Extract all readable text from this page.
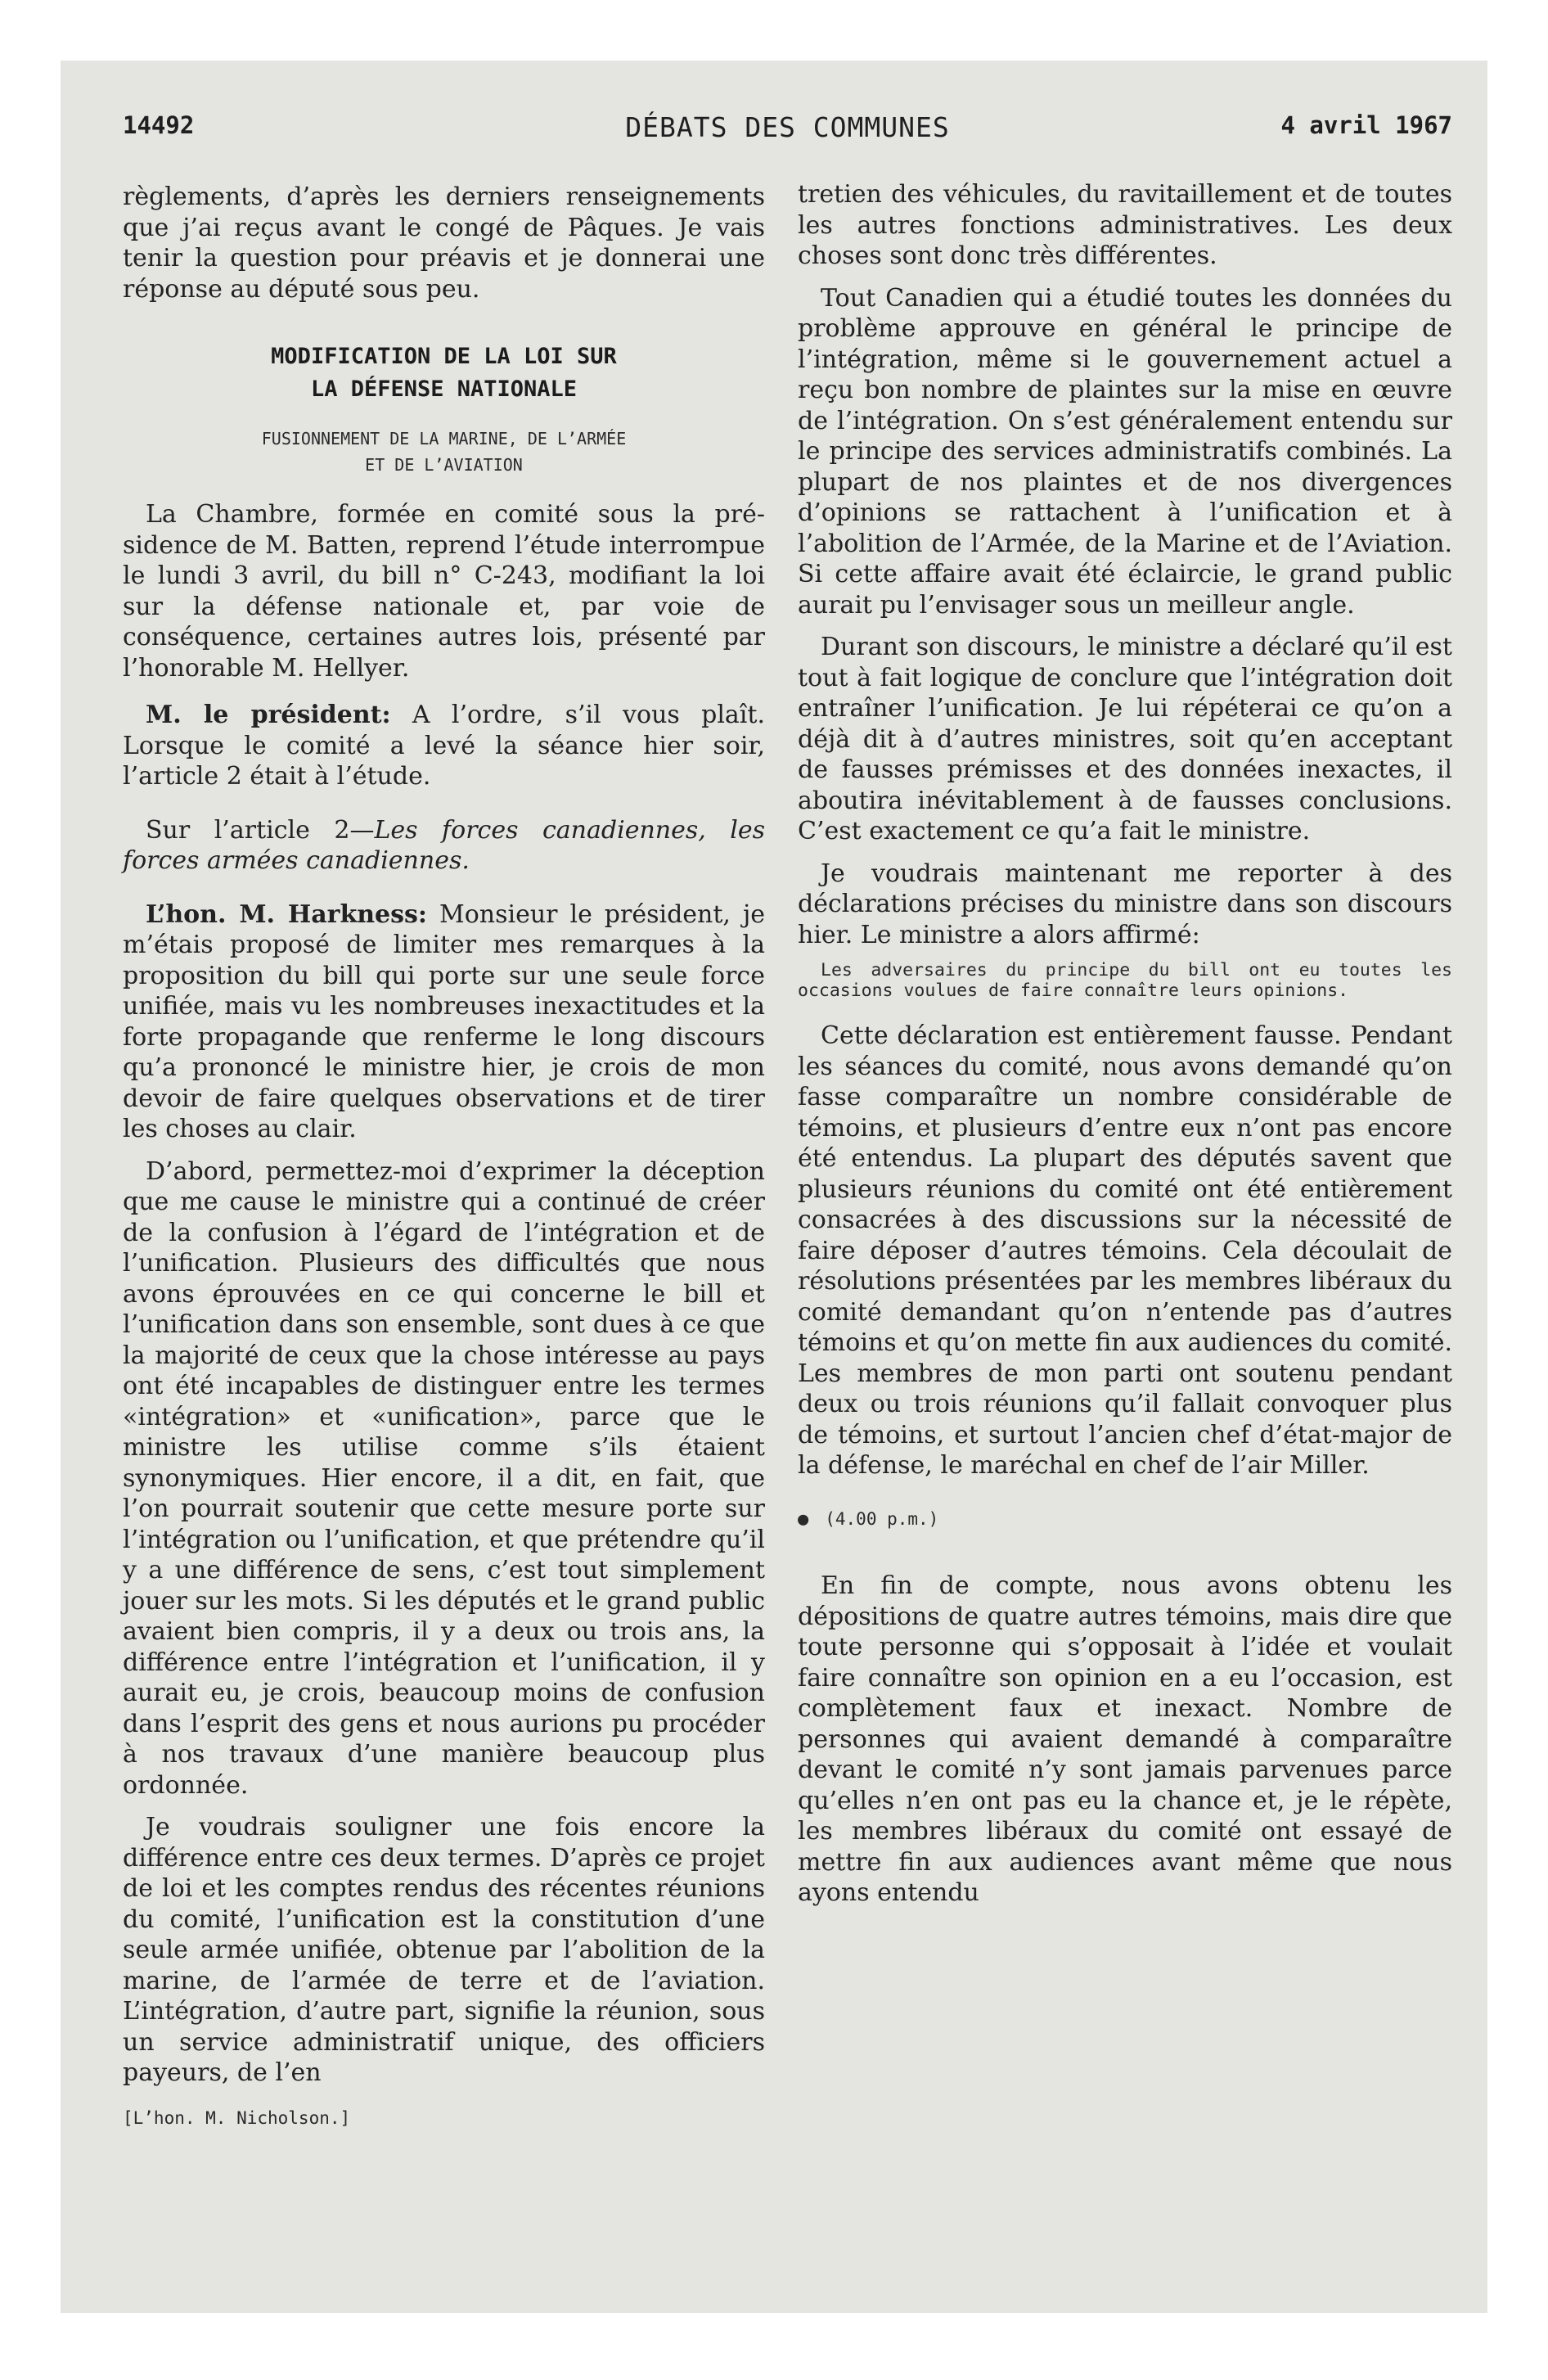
14492	DÉBATS DES COMMUNES	4 avril 1967

règlements, d’après les derniers renseignements que j’ai reçus avant le congé de Pâques. Je vais tenir la question pour préavis et je donnerai une réponse au député sous peu.

MODIFICATION DE LA LOI SUR
LA DÉFENSE NATIONALE
FUSIONNEMENT DE LA MARINE, DE L’ARMÉE
ET DE L’AVIATION

La Chambre, formée en comité sous la présidence de M. Batten, reprend l’étude interrompue le lundi 3 avril, du bill n° C-243, modifiant la loi sur la défense nationale et, par voie de conséquence, certaines autres lois, présenté par l’honorable M. Hellyer.

M. le président: A l’ordre, s’il vous plaît. Lorsque le comité a levé la séance hier soir, l’article 2 était à l’étude.

Sur l’article 2—Les forces canadiennes, les forces armées canadiennes.

L’hon. M. Harkness: Monsieur le président, je m’étais proposé de limiter mes remarques à la proposition du bill qui porte sur une seule force unifiée, mais vu les nombreuses inexactitudes et la forte propagande que renferme le long discours qu’a prononcé le ministre hier, je crois de mon devoir de faire quelques observations et de tirer les choses au clair.

D’abord, permettez-moi d’exprimer la déception que me cause le ministre qui a continué de créer de la confusion à l’égard de l’intégration et de l’unification. Plusieurs des difficultés que nous avons éprouvées en ce qui concerne le bill et l’unification dans son ensemble, sont dues à ce que la majorité de ceux que la chose intéresse au pays ont été incapables de distinguer entre les termes «intégration» et «unification», parce que le ministre les utilise comme s’ils étaient synonymiques. Hier encore, il a dit, en fait, que l’on pourrait soutenir que cette mesure porte sur l’intégration ou l’unification, et que prétendre qu’il y a une différence de sens, c’est tout simplement jouer sur les mots. Si les députés et le grand public avaient bien compris, il y a deux ou trois ans, la différence entre l’intégration et l’unification, il y aurait eu, je crois, beaucoup moins de confusion dans l’esprit des gens et nous aurions pu procéder à nos travaux d’une manière beaucoup plus ordonnée.

Je voudrais souligner une fois encore la différence entre ces deux termes. D’après ce projet de loi et les comptes rendus des récentes réunions du comité, l’unification est la constitution d’une seule armée unifiée, obtenue par l’abolition de la marine, de l’armée de terre et de l’aviation. L’intégration, d’autre part, signifie la réunion, sous un service administratif unique, des officiers payeurs, de l’en

[L’hon. M. Nicholson.]

tretien des véhicules, du ravitaillement et de toutes les autres fonctions administratives. Les deux choses sont donc très différentes.

Tout Canadien qui a étudié toutes les données du problème approuve en général le principe de l’intégration, même si le gouvernement actuel a reçu bon nombre de plaintes sur la mise en œuvre de l’intégration. On s’est généralement entendu sur le principe des services administratifs combinés. La plupart de nos plaintes et de nos divergences d’opinions se rattachent à l’unification et à l’abolition de l’Armée, de la Marine et de l’Aviation. Si cette affaire avait été éclaircie, le grand public aurait pu l’envisager sous un meilleur angle.

Durant son discours, le ministre a déclaré qu’il est tout à fait logique de conclure que l’intégration doit entraîner l’unification. Je lui répéterai ce qu’on a déjà dit à d’autres ministres, soit qu’en acceptant de fausses prémisses et des données inexactes, il aboutira inévitablement à de fausses conclusions. C’est exactement ce qu’a fait le ministre.

Je voudrais maintenant me reporter à des déclarations précises du ministre dans son discours hier. Le ministre a alors affirmé:

Les adversaires du principe du bill ont eu toutes les occasions voulues de faire connaître leurs opinions.

Cette déclaration est entièrement fausse. Pendant les séances du comité, nous avons demandé qu’on fasse comparaître un nombre considérable de témoins, et plusieurs d’entre eux n’ont pas encore été entendus. La plupart des députés savent que plusieurs réunions du comité ont été entièrement consacrées à des discussions sur la nécessité de faire déposer d’autres témoins. Cela découlait de résolutions présentées par les membres libéraux du comité demandant qu’on n’entende pas d’autres témoins et qu’on mette fin aux audiences du comité. Les membres de mon parti ont soutenu pendant deux ou trois réunions qu’il fallait convoquer plus de témoins, et surtout l’ancien chef d’état-major de la défense, le maréchal en chef de l’air Miller.

● (4.00 p.m.)

En fin de compte, nous avons obtenu les dépositions de quatre autres témoins, mais dire que toute personne qui s’opposait à l’idée et voulait faire connaître son opinion en a eu l’occasion, est complètement faux et inexact. Nombre de personnes qui avaient demandé à comparaître devant le comité n’y sont jamais parvenues parce qu’elles n’en ont pas eu la chance et, je le répète, les membres libéraux du comité ont essayé de mettre fin aux audiences avant même que nous ayons entendu
